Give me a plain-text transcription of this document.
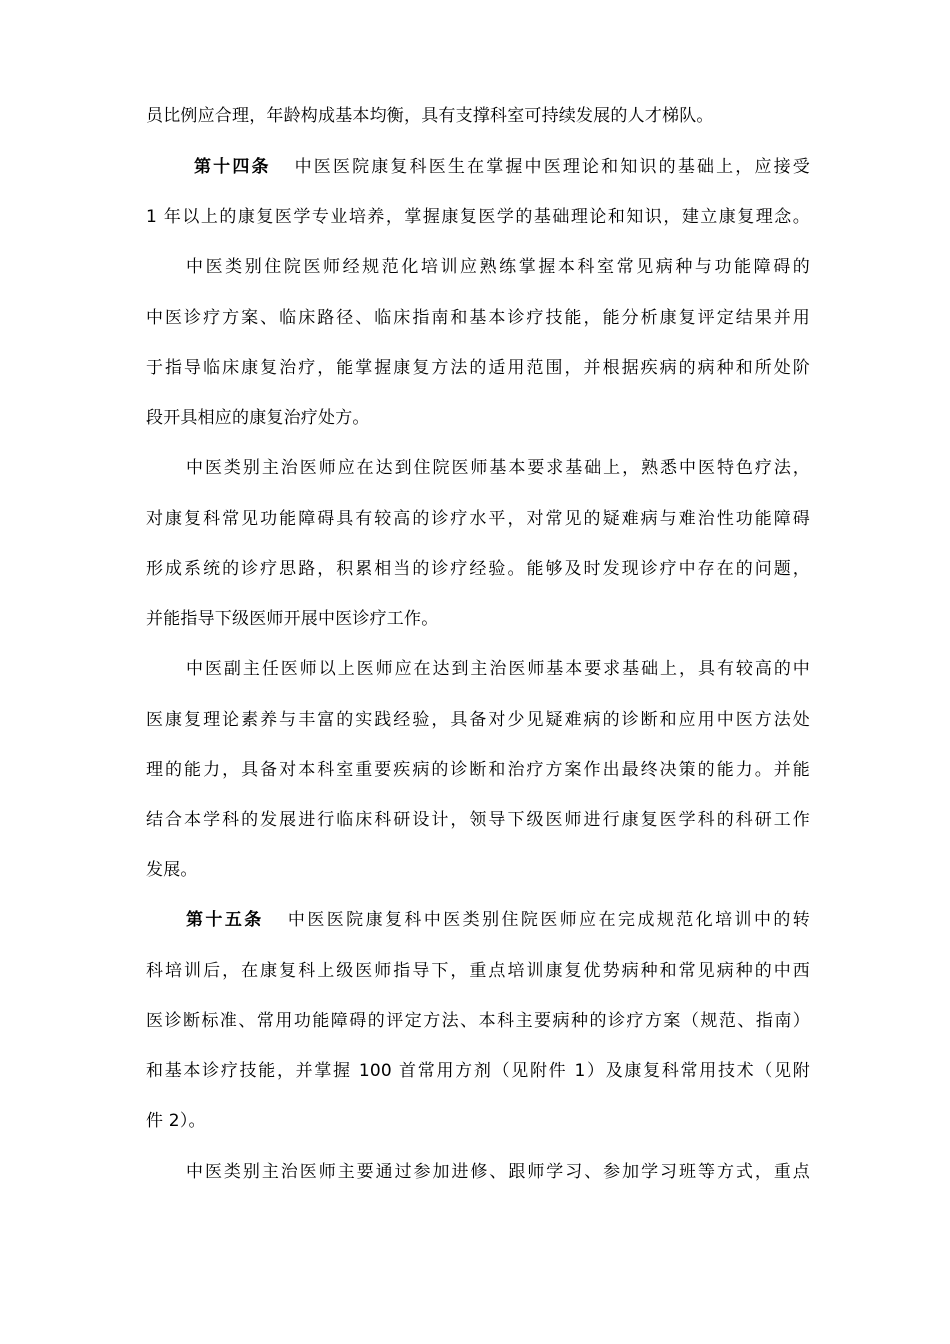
员比例应合理，年龄构成基本均衡，具有支撑科室可持续发展的人才梯队。
第十四条 中医医院康复科医生在掌握中医理论和知识的基础上，应接受
1 年以上的康复医学专业培养，掌握康复医学的基础理论和知识，建立康复理念。
中医类别住院医师经规范化培训应熟练掌握本科室常见病种与功能障碍的
中医诊疗方案、临床路径、临床指南和基本诊疗技能，能分析康复评定结果并用
于指导临床康复治疗，能掌握康复方法的适用范围，并根据疾病的病种和所处阶
段开具相应的康复治疗处方。
中医类别主治医师应在达到住院医师基本要求基础上，熟悉中医特色疗法，
对康复科常见功能障碍具有较高的诊疗水平，对常见的疑难病与难治性功能障碍
形成系统的诊疗思路，积累相当的诊疗经验。能够及时发现诊疗中存在的问题，
并能指导下级医师开展中医诊疗工作。
中医副主任医师以上医师应在达到主治医师基本要求基础上，具有较高的中
医康复理论素养与丰富的实践经验，具备对少见疑难病的诊断和应用中医方法处
理的能力，具备对本科室重要疾病的诊断和治疗方案作出最终决策的能力。并能
结合本学科的发展进行临床科研设计，领导下级医师进行康复医学科的科研工作
发展。
第十五条 中医医院康复科中医类别住院医师应在完成规范化培训中的转
科培训后，在康复科上级医师指导下，重点培训康复优势病种和常见病种的中西
医诊断标准、常用功能障碍的评定方法、本科主要病种的诊疗方案（规范、指南）
和基本诊疗技能，并掌握 100 首常用方剂（见附件 1）及康复科常用技术（见附
件 2）。
中医类别主治医师主要通过参加进修、跟师学习、参加学习班等方式，重点
